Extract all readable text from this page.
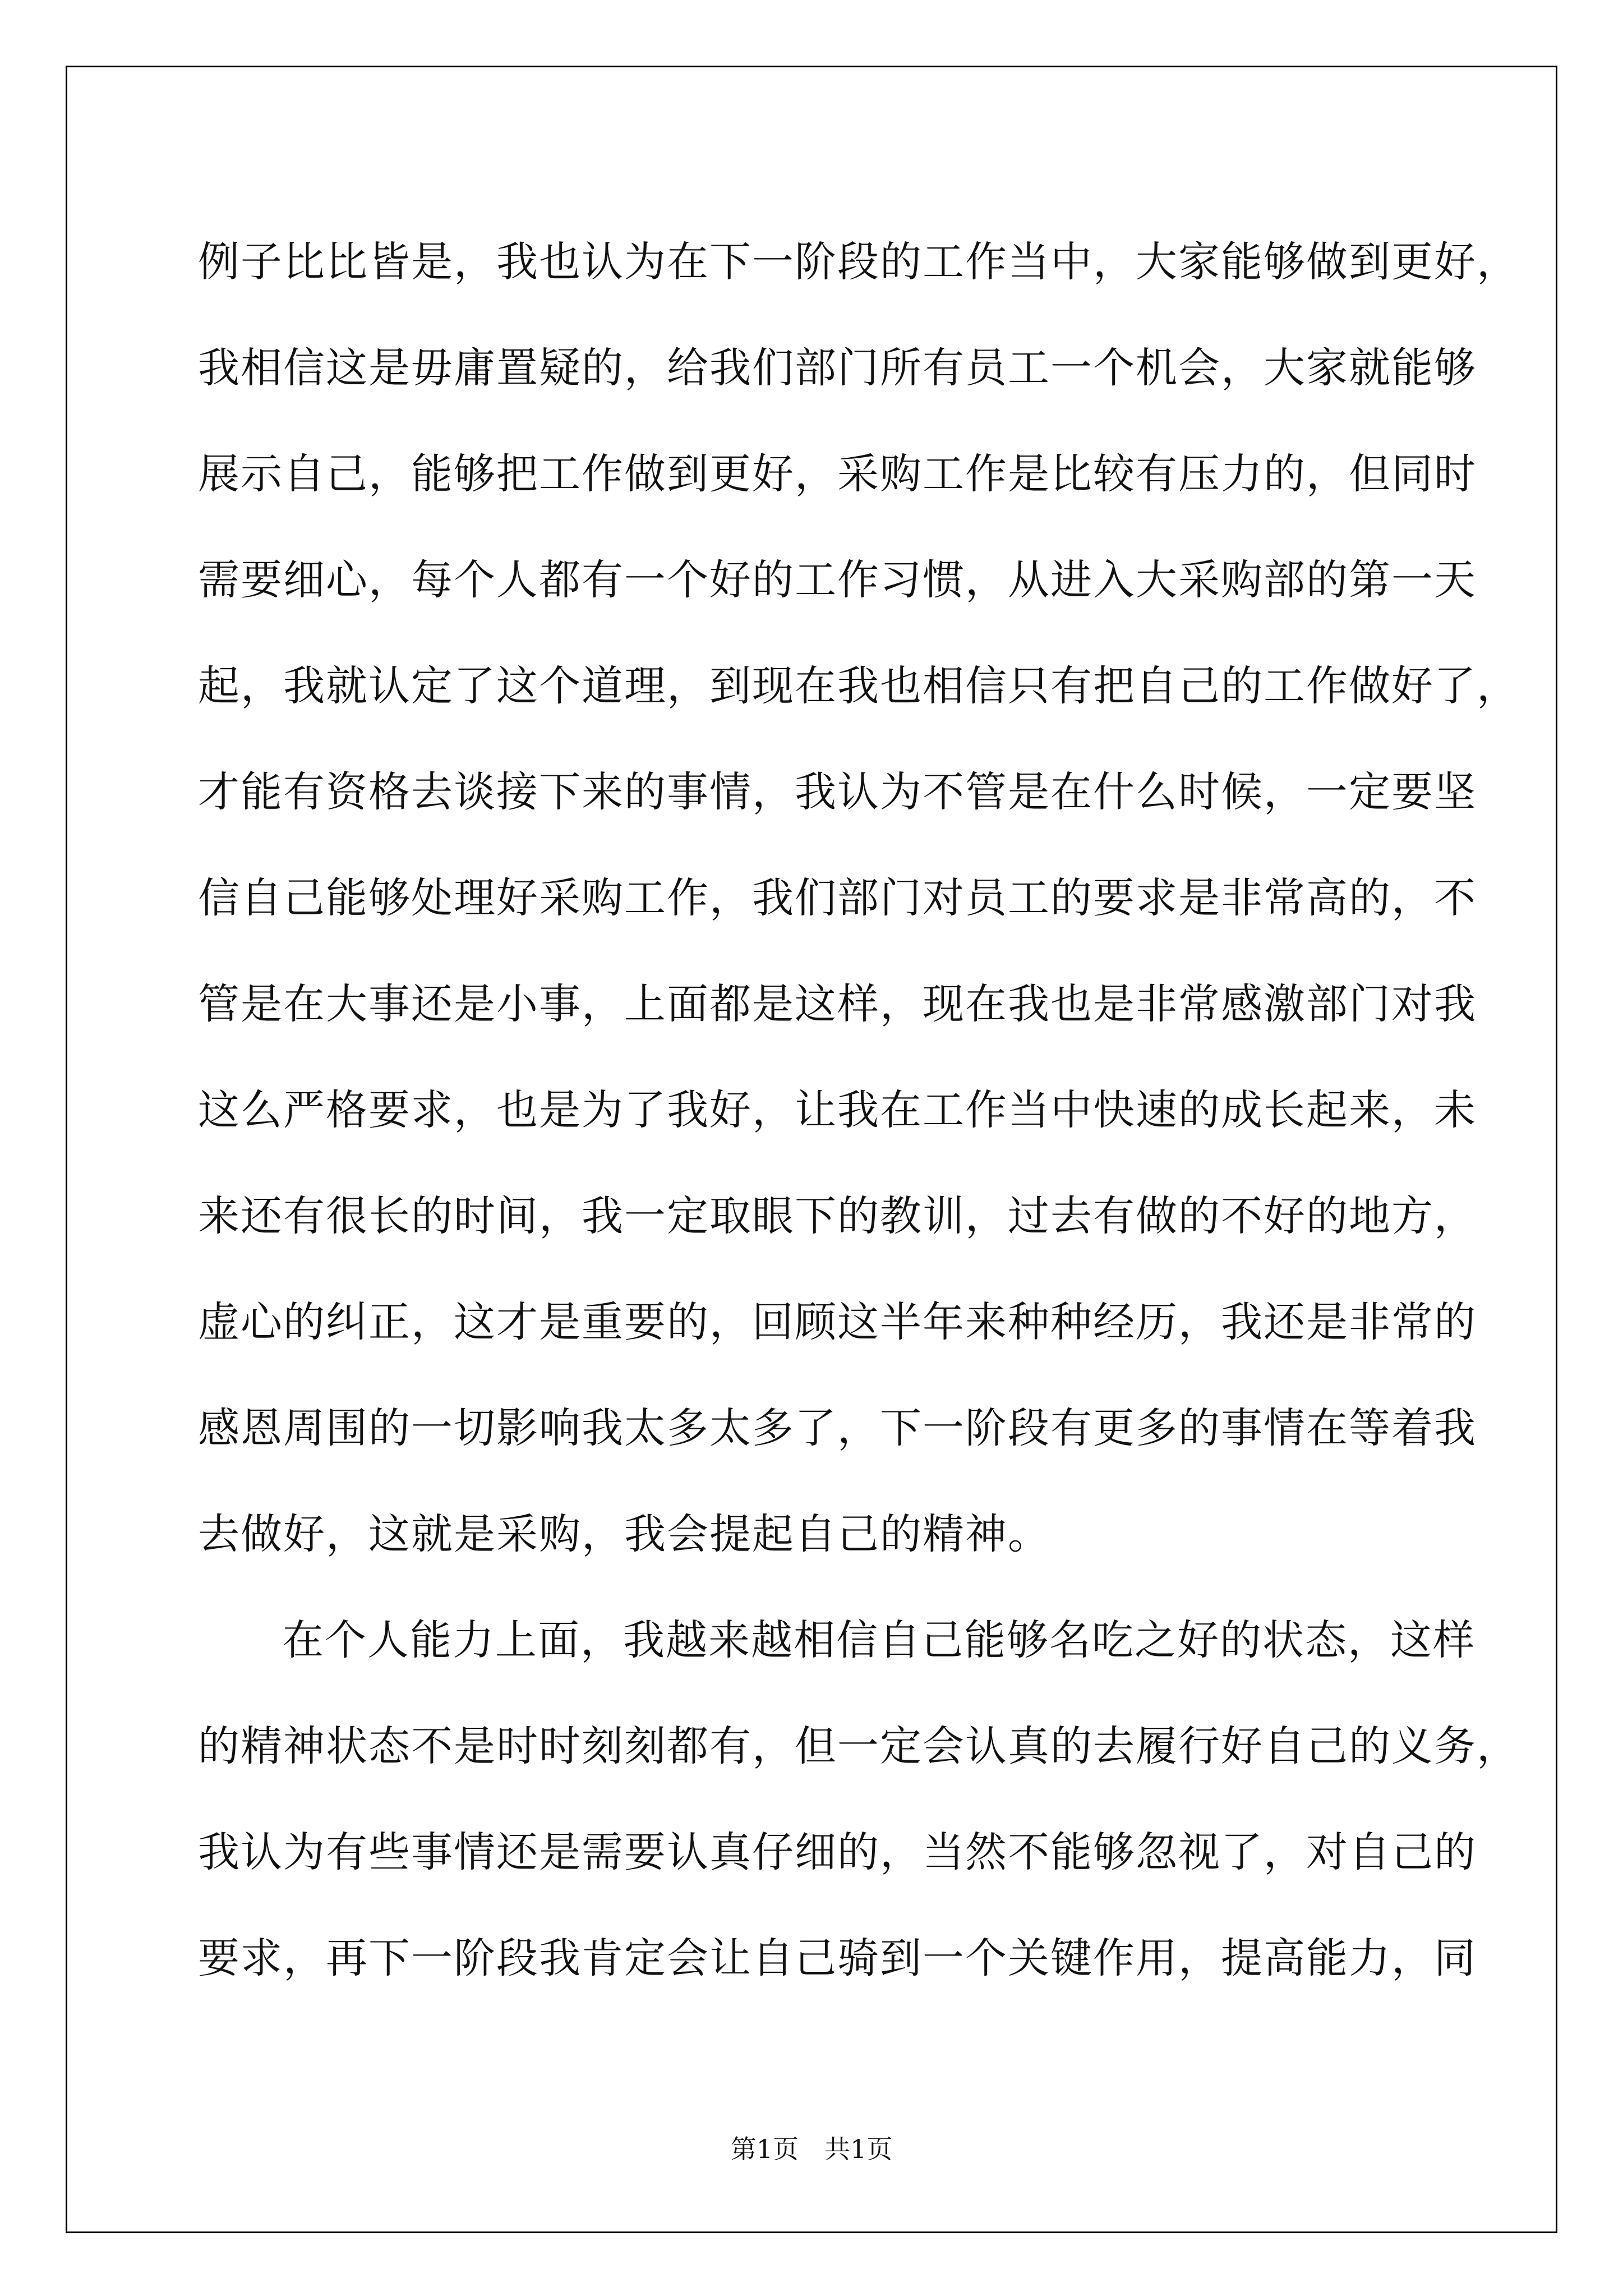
例子比比皆是，我也认为在下一阶段的工作当中，大家能够做到更好，
我相信这是毋庸置疑的，给我们部门所有员工一个机会，大家就能够
展示自己，能够把工作做到更好，采购工作是比较有压力的，但同时
需要细心，每个人都有一个好的工作习惯，从进入大采购部的第一天
起，我就认定了这个道理，到现在我也相信只有把自己的工作做好了，
才能有资格去谈接下来的事情，我认为不管是在什么时候，一定要坚
信自己能够处理好采购工作，我们部门对员工的要求是非常高的，不
管是在大事还是小事，上面都是这样，现在我也是非常感激部门对我
这么严格要求，也是为了我好，让我在工作当中快速的成长起来，未
来还有很长的时间，我一定取眼下的教训，过去有做的不好的地方，
虚心的纠正，这才是重要的，回顾这半年来种种经历，我还是非常的
感恩周围的一切影响我太多太多了，下一阶段有更多的事情在等着我
去做好，这就是采购，我会提起自己的精神。
在个人能力上面，我越来越相信自己能够名吃之好的状态，这样
的精神状态不是时时刻刻都有，但一定会认真的去履行好自己的义务，
我认为有些事情还是需要认真仔细的，当然不能够忽视了，对自己的
要求，再下一阶段我肯定会让自己骑到一个关键作用，提高能力，同
第1页　共1页
